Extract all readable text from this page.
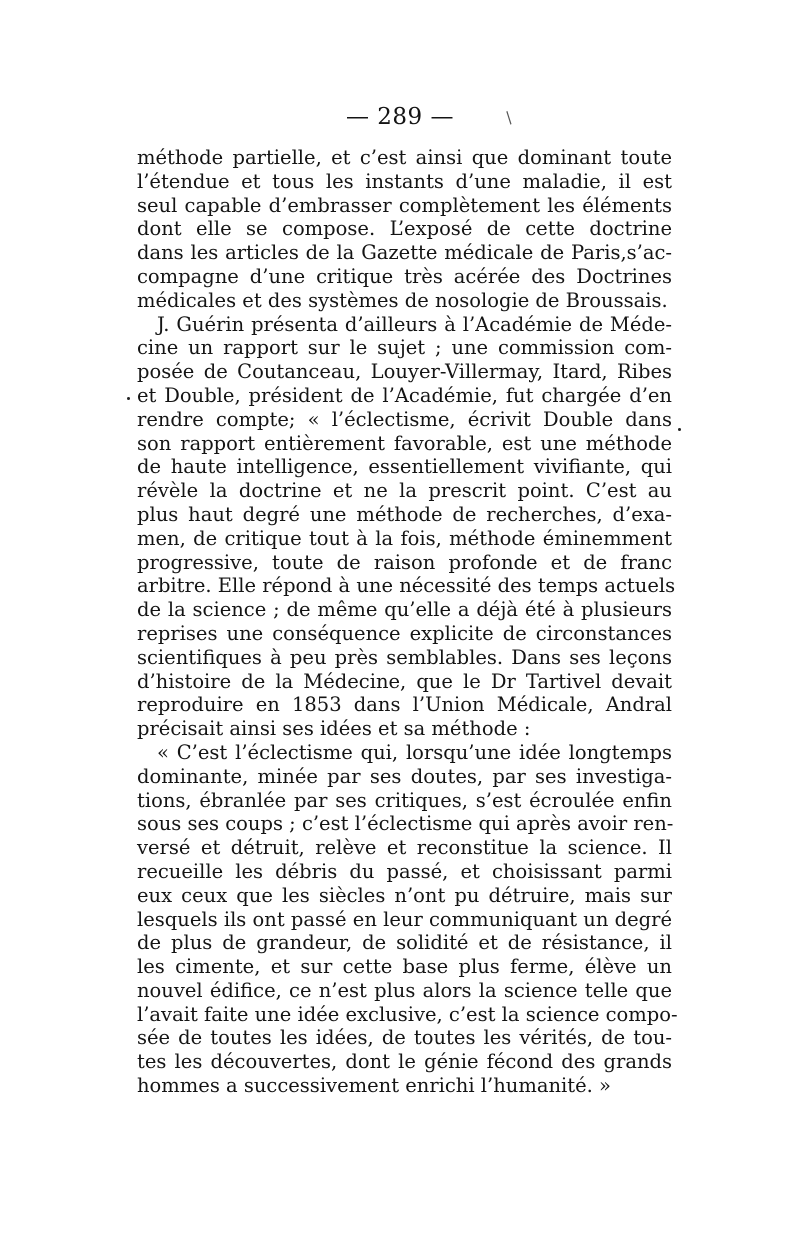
— 289 —	/
méthode partielle, et c’est ainsi que dominant toute
l’étendue et tous les instants d’une maladie, il est
seul capable d’embrasser complètement les éléments
dont elle se compose. L’exposé de cette doctrine
dans les articles de la Gazette médicale de Paris,s’ac-
compagne d’une critique très acérée des Doctrines
médicales et des systèmes de nosologie de Broussais.
J. Guérin présenta d’ailleurs à l’Académie de Méde-
cine un rapport sur le sujet ; une commission com-
posée de Coutanceau, Louyer-Villermay, Itard, Ribes
et Double, président de l’Académie, fut chargée d’en
rendre compte; « l’éclectisme, écrivit Double dans
son rapport entièrement favorable, est une méthode
de haute intelligence, essentiellement vivifiante, qui
révèle la doctrine et ne la prescrit point. C’est au
plus haut degré une méthode de recherches, d’exa-
men, de critique tout à la fois, méthode éminemment
progressive, toute de raison profonde et de franc
arbitre. Elle répond à une nécessité des temps actuels
de la science ; de même qu’elle a déjà été à plusieurs
reprises une conséquence explicite de circonstances
scientifiques à peu près semblables. Dans ses leçons
d’histoire de la Médecine, que le Dr Tartivel devait
reproduire en 1853 dans l’Union Médicale, Andral
précisait ainsi ses idées et sa méthode :
« C’est l’éclectisme qui, lorsqu’une idée longtemps
dominante, minée par ses doutes, par ses investiga-
tions, ébranlée par ses critiques, s’est écroulée enfin
sous ses coups ; c’est l’éclectisme qui après avoir ren-
versé et détruit, relève et reconstitue la science. Il
recueille les débris du passé, et choisissant parmi
eux ceux que les siècles n’ont pu détruire, mais sur
lesquels ils ont passé en leur communiquant un degré
de plus de grandeur, de solidité et de résistance, il
les cimente, et sur cette base plus ferme, élève un
nouvel édifice, ce n’est plus alors la science telle que
l’avait faite une idée exclusive, c’est la science compo-
sée de toutes les idées, de toutes les vérités, de tou-
tes les découvertes, dont le génie fécond des grands
hommes a successivement enrichi l’humanité. »
